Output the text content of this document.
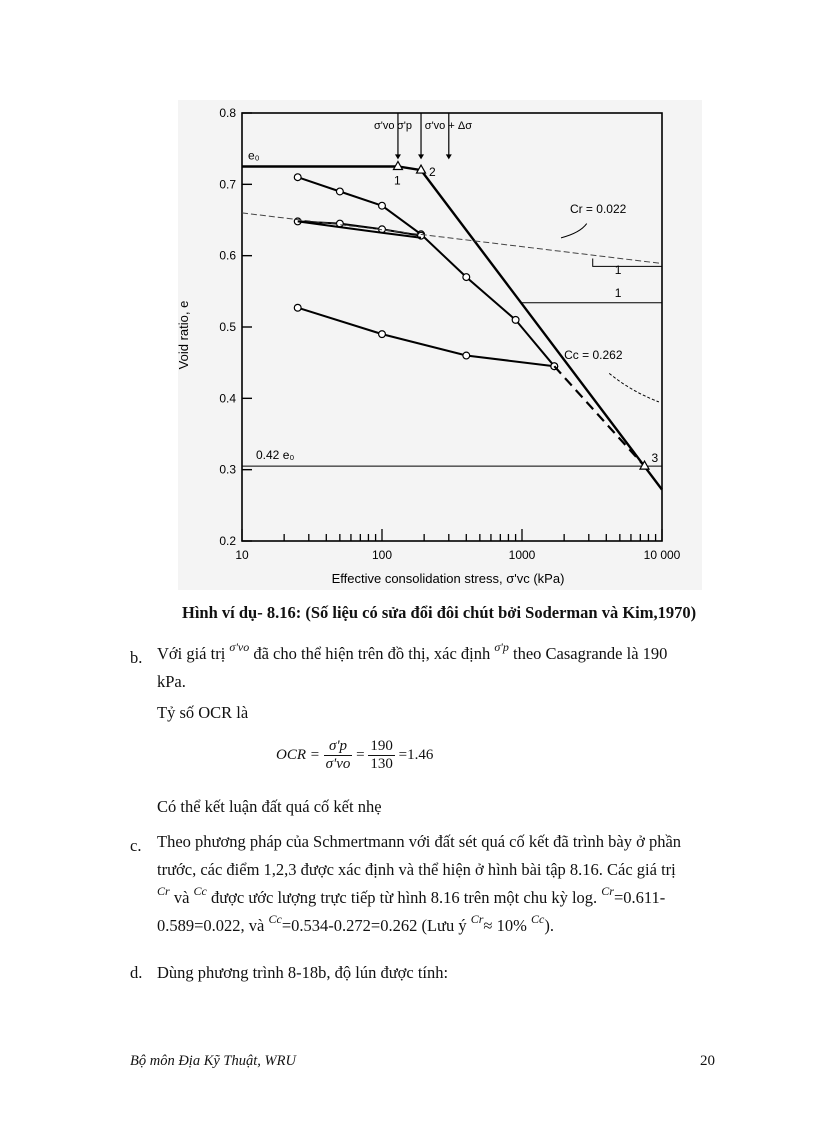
10	100	1000	10 000
0.2
0.3
0.4
0.5
0.6
0.7
0.8
1
2
3
e₀
0.42 e₀
σ'vo σ'p σ'vo + Δσ
Cr = 0.022
1
1
Cc = 0.262
Void ratio, e
Effective consolidation stress, σ'vc (kPa)
Hình ví dụ- 8.16: (Số liệu có sửa đổi đôi chút bởi Soderman và Kim,1970)
b. Với giá trị $^{\sigma'vo}$ đã cho thể hiện trên đồ thị, xác định $^{\sigma'p}$ theo Casagrande là 190
kPa.
Tỷ số OCR là
OCR = $\frac{\sigma'p}{\sigma'vo} = \frac{190}{130} =1.46$
Có thể kết luận đất quá cố kết nhẹ
c. Theo phương pháp của Schmertmann với đất sét quá cố kết đã trình bày ở phần
trước, các điểm 1,2,3 được xác định và thể hiện ở hình bài tập 8.16. Các giá trị
$^{Cr}$ và $^{Cc}$ được ước lượng trực tiếp từ hình 8.16 trên một chu kỳ log. $^{Cr}$=0.611-
0.589=0.022, và $^{Cc}$=0.534-0.272=0.262 (Lưu ý $^{Cr}$≈ 10% $^{Cc}$).
d. Dùng phương trình 8-18b, độ lún được tính:
Bộ môn Địa Kỹ Thuật, WRU	20
